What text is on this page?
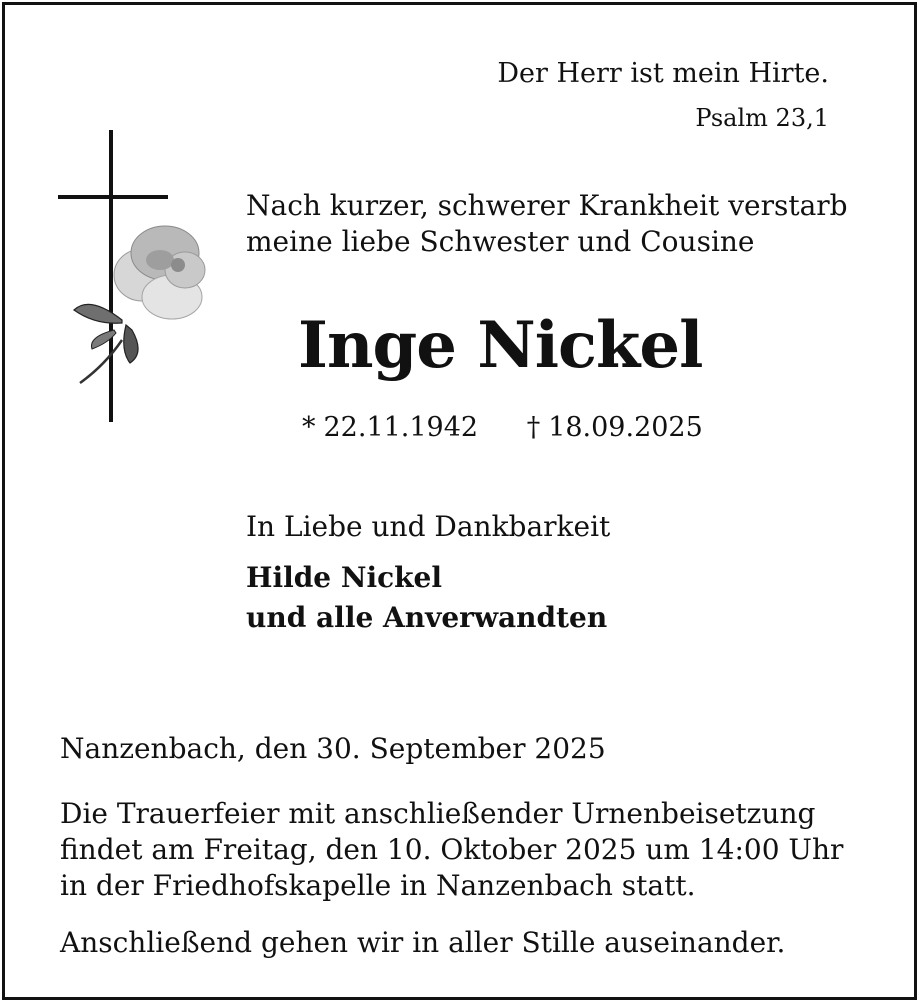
Der Herr ist mein Hirte.

Psalm 23,1

Nach kurzer, schwerer Krankheit verstarb
meine liebe Schwester und Cousine

Inge Nickel

* 22.11.1942 † 18.09.2025

In Liebe und Dankbarkeit

Hilde Nickel
und alle Anverwandten

Nanzenbach, den 30. September 2025

Die Trauerfeier mit anschließender Urnenbeisetzung
findet am Freitag, den 10. Oktober 2025 um 14:00 Uhr
in der Friedhofskapelle in Nanzenbach statt.

Anschließend gehen wir in aller Stille auseinander.
